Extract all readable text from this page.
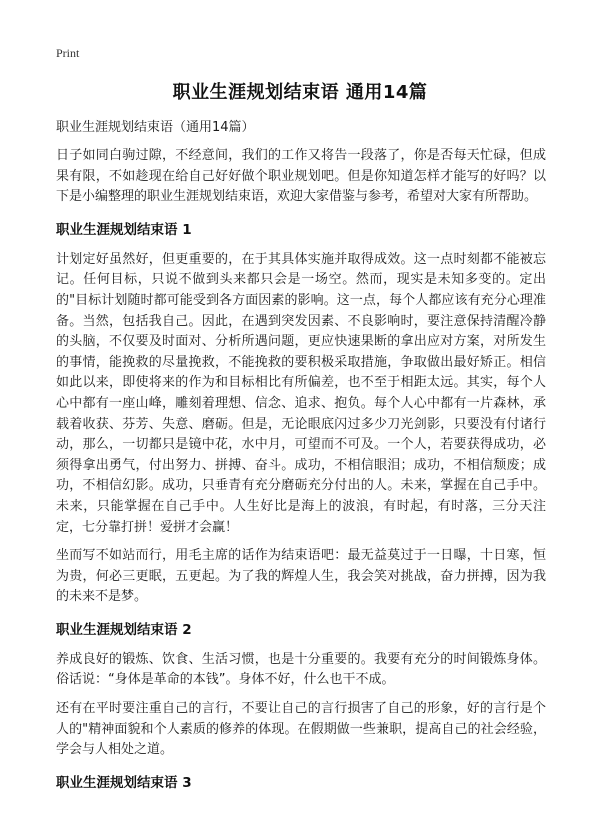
Print
职业生涯规划结束语 通用14篇

职业生涯规划结束语（通用14篇）

日子如同白驹过隙，不经意间，我们的工作又将告一段落了，你是否每天忙碌，但成果有限，不如趁现在给自己好好做个职业规划吧。但是你知道怎样才能写的好吗？以下是小编整理的职业生涯规划结束语，欢迎大家借鉴与参考，希望对大家有所帮助。

职业生涯规划结束语 1

计划定好虽然好，但更重要的，在于其具体实施并取得成效。这一点时刻都不能被忘记。任何目标，只说不做到头来都只会是一场空。然而，现实是未知多变的。定出的"目标计划随时都可能受到各方面因素的影响。这一点，每个人都应该有充分心理准备。当然，包括我自己。因此，在遇到突发因素、不良影响时，要注意保持清醒冷静的头脑，不仅要及时面对、分析所遇问题，更应快速果断的拿出应对方案，对所发生的事情，能挽救的尽量挽救，不能挽救的要积极采取措施，争取做出最好矫正。相信如此以来，即使将来的作为和目标相比有所偏差，也不至于相距太远。其实，每个人心中都有一座山峰，雕刻着理想、信念、追求、抱负。每个人心中都有一片森林，承载着收获、芬芳、失意、磨砺。但是，无论眼底闪过多少刀光剑影，只要没有付诸行动，那么，一切都只是镜中花，水中月，可望而不可及。一个人，若要获得成功，必须得拿出勇气，付出努力、拼搏、奋斗。成功，不相信眼泪；成功，不相信颓废；成功，不相信幻影。成功，只垂青有充分磨砺充分付出的人。未来，掌握在自己手中。未来，只能掌握在自己手中。人生好比是海上的波浪，有时起，有时落，三分天注定，七分靠打拼！爱拼才会赢！

坐而写不如站而行，用毛主席的话作为结束语吧：最无益莫过于一日曝，十日寒，恒为贵，何必三更眠，五更起。为了我的辉煌人生，我会笑对挑战，奋力拼搏，因为我的未来不是梦。

职业生涯规划结束语 2

养成良好的锻炼、饮食、生活习惯，也是十分重要的。我要有充分的时间锻炼身体。俗话说：“身体是革命的本钱”。身体不好，什么也干不成。

还有在平时要注重自己的言行，不要让自己的言行损害了自己的形象，好的言行是个人的"精神面貌和个人素质的修养的体现。在假期做一些兼职，提高自己的社会经验，学会与人相处之道。

职业生涯规划结束语 3
